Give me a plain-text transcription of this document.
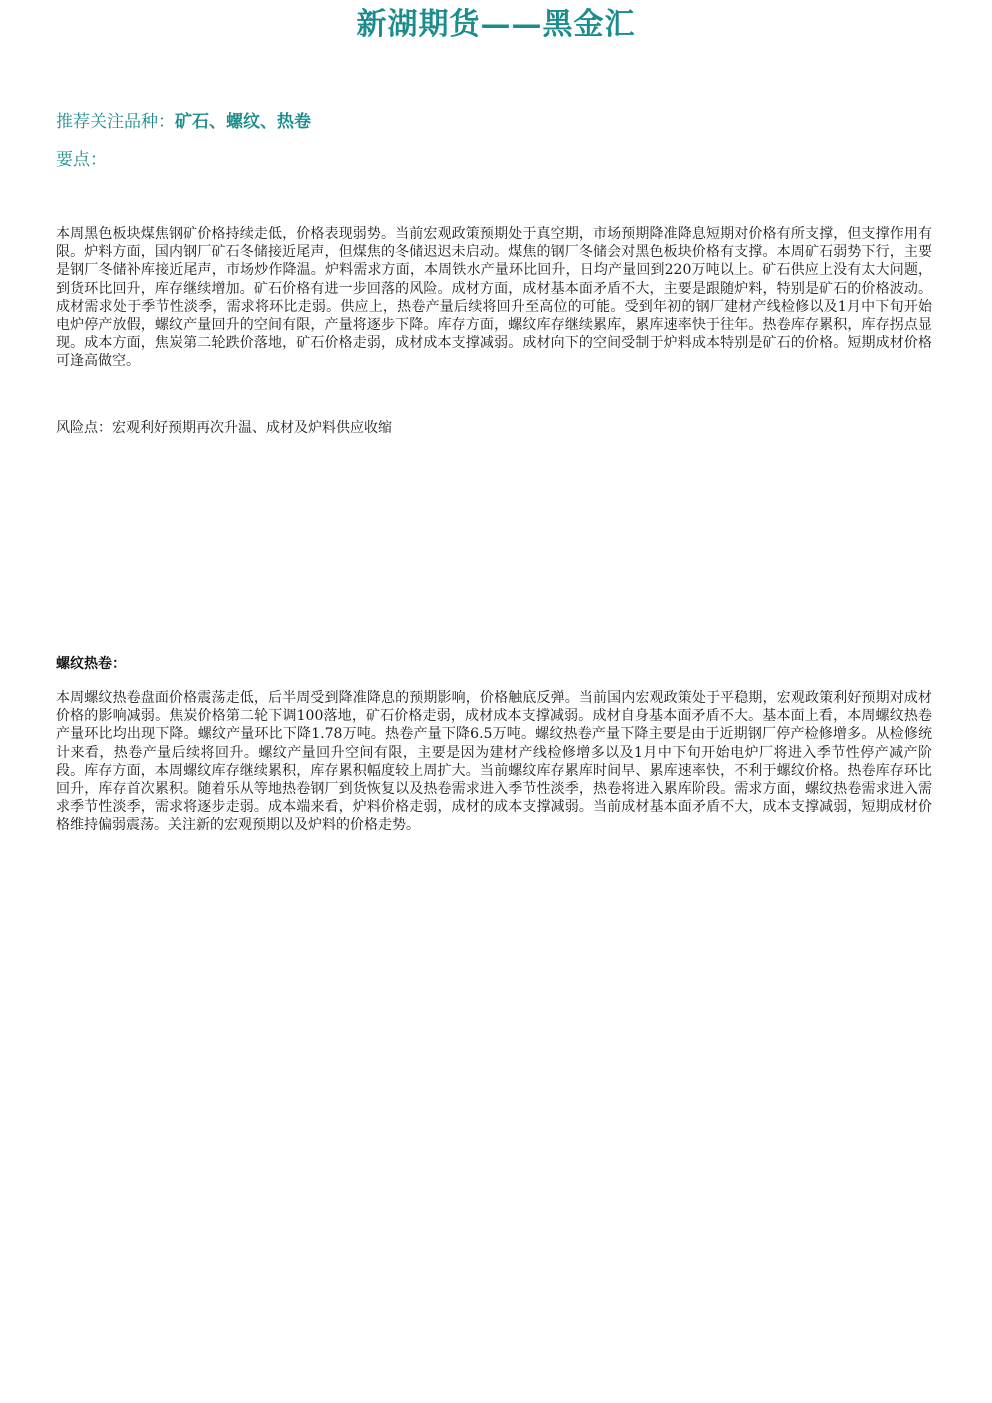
新湖期货——黑金汇
推荐关注品种：矿石、螺纹、热卷
要点：
本周黑色板块煤焦钢矿价格持续走低，价格表现弱势。当前宏观政策预期处于真空期，市场预期降准降息短期对价格有所支撑，但支撑作用有限。炉料方面，国内钢厂矿石冬储接近尾声，但煤焦的冬储迟迟未启动。煤焦的钢厂冬储会对黑色板块价格有支撑。本周矿石弱势下行，主要是钢厂冬储补库接近尾声，市场炒作降温。炉料需求方面，本周铁水产量环比回升，日均产量回到220万吨以上。矿石供应上没有太大问题，到货环比回升，库存继续增加。矿石价格有进一步回落的风险。成材方面，成材基本面矛盾不大，主要是跟随炉料，特别是矿石的价格波动。成材需求处于季节性淡季，需求将环比走弱。供应上，热卷产量后续将回升至高位的可能。受到年初的钢厂建材产线检修以及1月中下旬开始电炉停产放假，螺纹产量回升的空间有限，产量将逐步下降。库存方面，螺纹库存继续累库，累库速率快于往年。热卷库存累积，库存拐点显现。成本方面，焦炭第二轮跌价落地，矿石价格走弱，成材成本支撑减弱。成材向下的空间受制于炉料成本特别是矿石的价格。短期成材价格可逢高做空。
风险点：宏观利好预期再次升温、成材及炉料供应收缩
螺纹热卷：
本周螺纹热卷盘面价格震荡走低，后半周受到降准降息的预期影响，价格触底反弹。当前国内宏观政策处于平稳期，宏观政策利好预期对成材价格的影响减弱。焦炭价格第二轮下调100落地，矿石价格走弱，成材成本支撑减弱。成材自身基本面矛盾不大。基本面上看，本周螺纹热卷产量环比均出现下降。螺纹产量环比下降1.78万吨。热卷产量下降6.5万吨。螺纹热卷产量下降主要是由于近期钢厂停产检修增多。从检修统计来看，热卷产量后续将回升。螺纹产量回升空间有限，主要是因为建材产线检修增多以及1月中下旬开始电炉厂将进入季节性停产减产阶段。库存方面，本周螺纹库存继续累积，库存累积幅度较上周扩大。当前螺纹库存累库时间早、累库速率快，不利于螺纹价格。热卷库存环比回升，库存首次累积。随着乐从等地热卷钢厂到货恢复以及热卷需求进入季节性淡季，热卷将进入累库阶段。需求方面，螺纹热卷需求进入需求季节性淡季，需求将逐步走弱。成本端来看，炉料价格走弱，成材的成本支撑减弱。当前成材基本面矛盾不大，成本支撑减弱，短期成材价格维持偏弱震荡。关注新的宏观预期以及炉料的价格走势。
